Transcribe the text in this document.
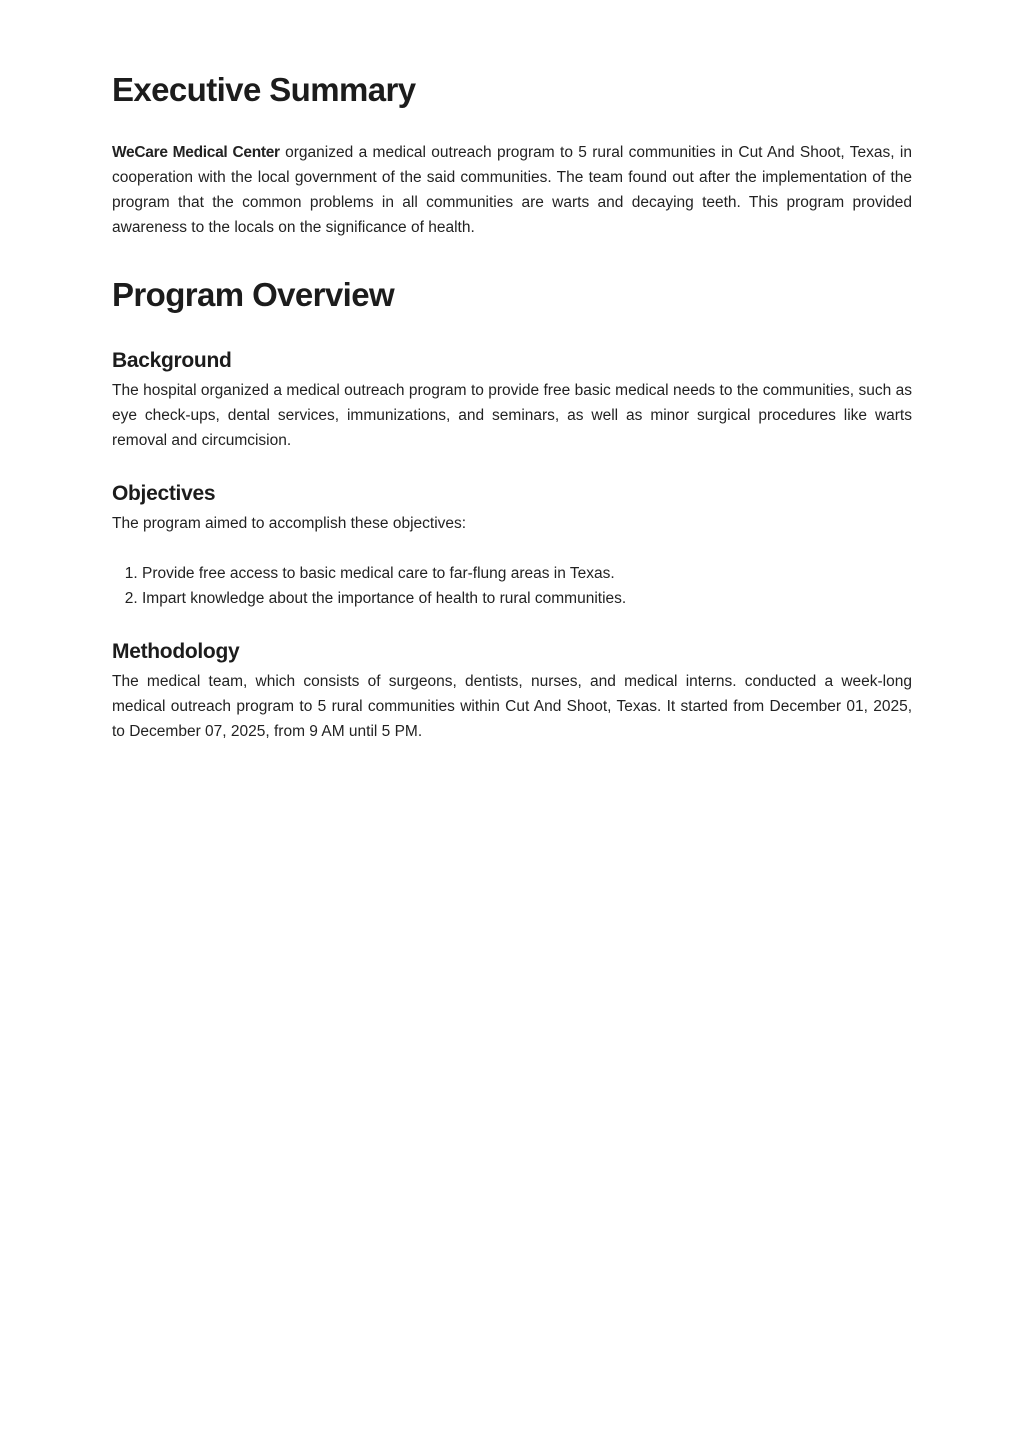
Executive Summary

WeCare Medical Center organized a medical outreach program to 5 rural communities in Cut And Shoot, Texas, in cooperation with the local government of the said communities. The team found out after the implementation of the program that the common problems in all communities are warts and decaying teeth. This program provided awareness to the locals on the significance of health.

Program Overview
Background

The hospital organized a medical outreach program to provide free basic medical needs to the communities, such as eye check-ups, dental services, immunizations, and seminars, as well as minor surgical procedures like warts removal and circumcision.

Objectives

The program aimed to accomplish these objectives:

1. Provide free access to basic medical care to far-flung areas in Texas.
2. Impart knowledge about the importance of health to rural communities.
Methodology

The medical team, which consists of surgeons, dentists, nurses, and medical interns. conducted a week-long medical outreach program to 5 rural communities within Cut And Shoot, Texas. It started from December 01, 2025, to December 07, 2025, from 9 AM until 5 PM.
